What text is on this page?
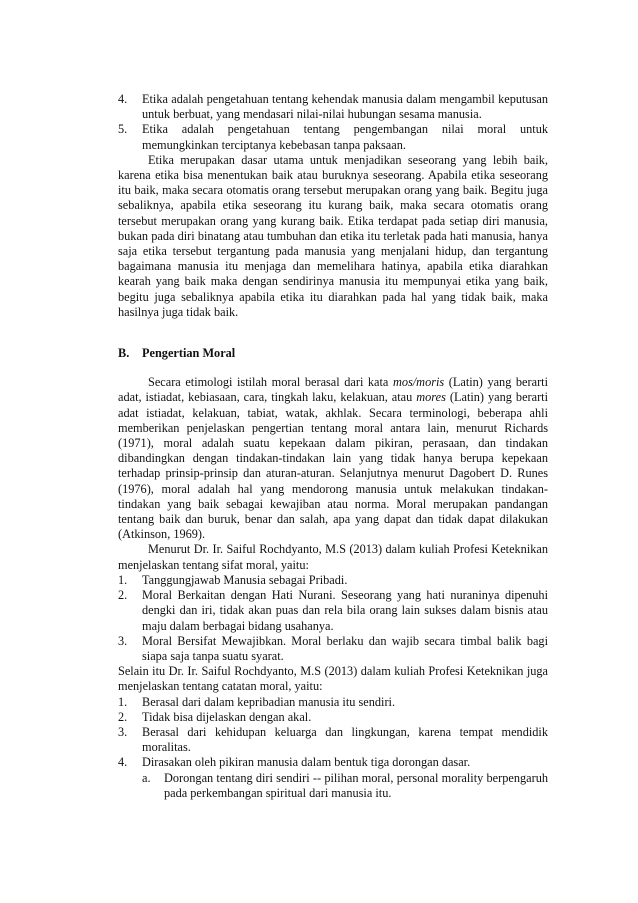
4.	Etika adalah pengetahuan tentang kehendak manusia dalam mengambil keputusan untuk berbuat, yang mendasari nilai-nilai hubungan sesama manusia.
5.	Etika adalah pengetahuan tentang pengembangan nilai moral untuk memungkinkan terciptanya kebebasan tanpa paksaan.

Etika merupakan dasar utama untuk menjadikan seseorang yang lebih baik, karena etika bisa menentukan baik atau buruknya seseorang. Apabila etika seseorang itu baik, maka secara otomatis orang tersebut merupakan orang yang baik. Begitu juga sebaliknya, apabila etika seseorang itu kurang baik, maka secara otomatis orang tersebut merupakan orang yang kurang baik. Etika terdapat pada setiap diri manusia, bukan pada diri binatang atau tumbuhan dan etika itu terletak pada hati manusia, hanya saja etika tersebut tergantung pada manusia yang menjalani hidup, dan tergantung bagaimana manusia itu menjaga dan memelihara hatinya, apabila etika diarahkan kearah yang baik maka dengan sendirinya manusia itu mempunyai etika yang baik, begitu juga sebaliknya apabila etika itu diarahkan pada hal yang tidak baik, maka hasilnya juga tidak baik.

B.	Pengertian Moral

Secara etimologi istilah moral berasal dari kata mos/moris (Latin) yang berarti adat, istiadat, kebiasaan, cara, tingkah laku, kelakuan, atau mores (Latin) yang berarti adat istiadat, kelakuan, tabiat, watak, akhlak. Secara terminologi, beberapa ahli memberikan penjelaskan pengertian tentang moral antara lain, menurut Richards (1971), moral adalah suatu kepekaan dalam pikiran, perasaan, dan tindakan dibandingkan dengan tindakan-tindakan lain yang tidak hanya berupa kepekaan terhadap prinsip-prinsip dan aturan-aturan. Selanjutnya menurut Dagobert D. Runes (1976), moral adalah hal yang mendorong manusia untuk melakukan tindakan-tindakan yang baik sebagai kewajiban atau norma. Moral merupakan pandangan tentang baik dan buruk, benar dan salah, apa yang dapat dan tidak dapat dilakukan (Atkinson, 1969).

Menurut Dr. Ir. Saiful Rochdyanto, M.S (2013) dalam kuliah Profesi Keteknikan menjelaskan tentang sifat moral, yaitu:

1.	Tanggungjawab Manusia sebagai Pribadi.
2.	Moral Berkaitan dengan Hati Nurani. Seseorang yang hati nuraninya dipenuhi dengki dan iri, tidak akan puas dan rela bila orang lain sukses dalam bisnis atau maju dalam berbagai bidang usahanya.
3.	Moral Bersifat Mewajibkan. Moral berlaku dan wajib secara timbal balik bagi siapa saja tanpa suatu syarat.

Selain itu Dr. Ir. Saiful Rochdyanto, M.S (2013) dalam kuliah Profesi Keteknikan juga menjelaskan tentang catatan moral, yaitu:

1.	Berasal dari dalam kepribadian manusia itu sendiri.
2.	Tidak bisa dijelaskan dengan akal.
3.	Berasal dari kehidupan keluarga dan lingkungan, karena tempat mendidik moralitas.
4.	Dirasakan oleh pikiran manusia dalam bentuk tiga dorongan dasar.
a.	Dorongan tentang diri sendiri -- pilihan moral, personal morality berpengaruh pada perkembangan spiritual dari manusia itu.
